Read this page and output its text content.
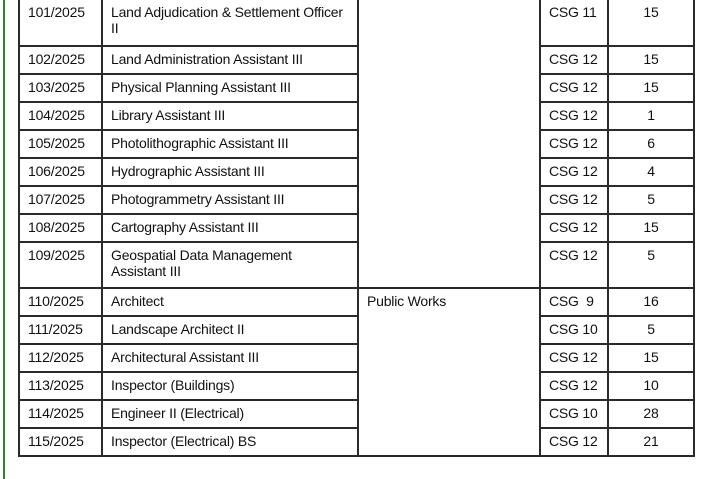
101/2025	Land Adjudication & Settlement Officer II		CSG 11	15
102/2025	Land Administration Assistant III		CSG 12	15
103/2025	Physical Planning Assistant III		CSG 12	15
104/2025	Library Assistant III		CSG 12	1
105/2025	Photolithographic Assistant III		CSG 12	6
106/2025	Hydrographic Assistant III		CSG 12	4
107/2025	Photogrammetry Assistant III		CSG 12	5
108/2025	Cartography Assistant III		CSG 12	15
109/2025	Geospatial Data Management Assistant III		CSG 12	5
110/2025	Architect	Public Works	CSG  9	16
111/2025	Landscape Architect II		CSG 10	5
112/2025	Architectural Assistant III		CSG 12	15
113/2025	Inspector (Buildings)		CSG 12	10
114/2025	Engineer II (Electrical)		CSG 10	28
115/2025	Inspector (Electrical) BS		CSG 12	21
